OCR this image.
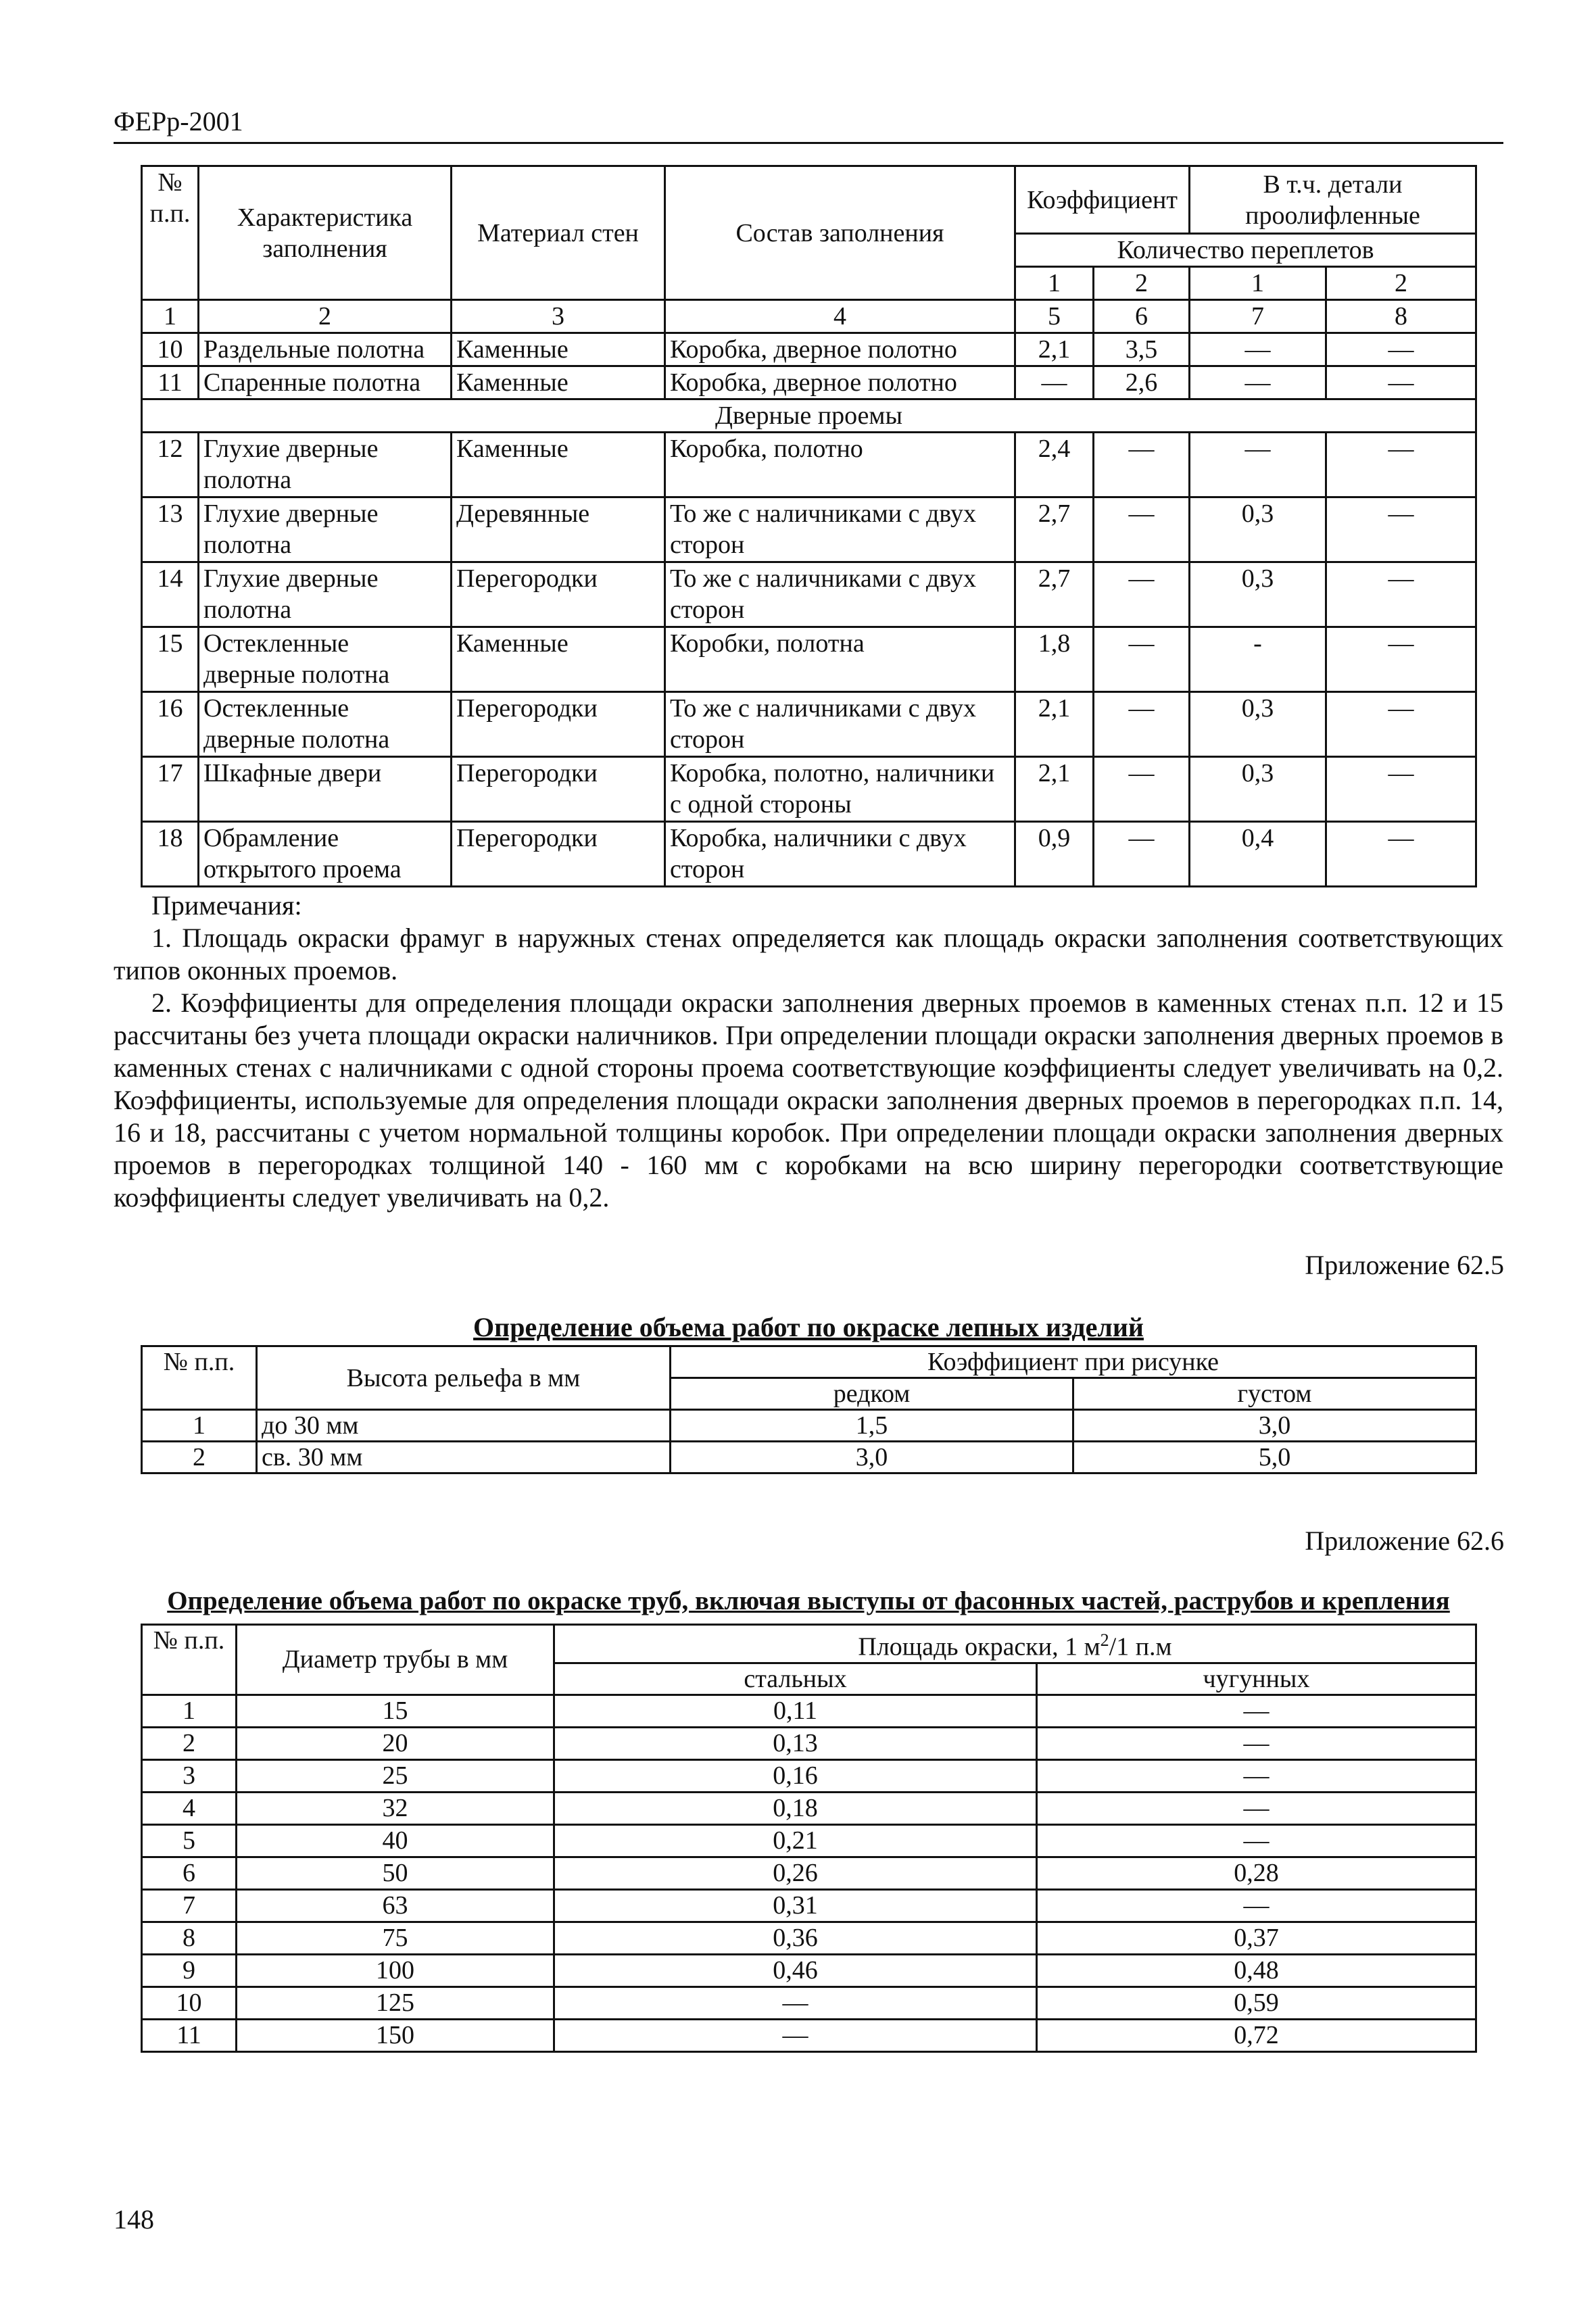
ФЕРр-2001
№ п.п.	Характеристика заполнения	Материал стен	Состав заполнения	Коэффициент		В т.ч. детали проолифленные	
				Количество переплетов			
				1	2	1	2
1	2	3	4	5	6	7	8
10	Раздельные полотна	Каменные	Коробка, дверное полотно	2,1	3,5	—	—
11	Спаренные полотна	Каменные	Коробка, дверное полотно	—	2,6	—	—
Дверные проемы							
12	Глухие дверные полотна	Каменные	Коробка, полотно	2,4	—	—	—
13	Глухие дверные полотна	Деревянные	То же с наличниками с двух сторон	2,7	—	0,3	—
14	Глухие дверные полотна	Перегородки	То же с наличниками с двух сторон	2,7	—	0,3	—
15	Остекленные дверные полотна	Каменные	Коробки, полотна	1,8	—	-	—
16	Остекленные дверные полотна	Перегородки	То же с наличниками с двух сторон	2,1	—	0,3	—
17	Шкафные двери	Перегородки	Коробка, полотно, наличники с одной стороны	2,1	—	0,3	—
18	Обрамление открытого проема	Перегородки	Коробка, наличники с двух сторон	0,9	—	0,4	—
Примечания:
1. Площадь окраски фрамуг в наружных стенах определяется как площадь окраски заполнения соответствующих типов оконных проемов.
2. Коэффициенты для определения площади окраски заполнения дверных проемов в каменных стенах п.п. 12 и 15 рассчитаны без учета площади окраски наличников. При определении площади окраски заполнения дверных проемов в каменных стенах с наличниками с одной стороны проема соответствующие коэффициенты следует увеличивать на 0,2. Коэффициенты, используемые для определения площади окраски заполнения дверных проемов в перегородках п.п. 14, 16 и 18, рассчитаны с учетом нормальной толщины коробок. При определении площади окраски заполнения дверных проемов в перегородках толщиной 140 - 160 мм с коробками на всю ширину перегородки соответствующие коэффициенты следует увеличивать на 0,2.
Приложение 62.5
Определение объема работ по окраске лепных изделий
№ п.п.	Высота рельефа в мм	Коэффициент при рисунке	
		редком	густом
1	до 30 мм	1,5	3,0
2	св. 30 мм	3,0	5,0
Приложение 62.6
Определение объема работ по окраске труб, включая выступы от фасонных частей, раструбов и крепления
№ п.п.	Диаметр трубы в мм	Площадь окраски, 1 $м^2/1$ п.м	
		стальных	чугунных
1	15	0,11	—
2	20	0,13	—
3	25	0,16	—
4	32	0,18	—
5	40	0,21	—
6	50	0,26	0,28
7	63	0,31	—
8	75	0,36	0,37
9	100	0,46	0,48
10	125	—	0,59
11	150	—	0,72
148
